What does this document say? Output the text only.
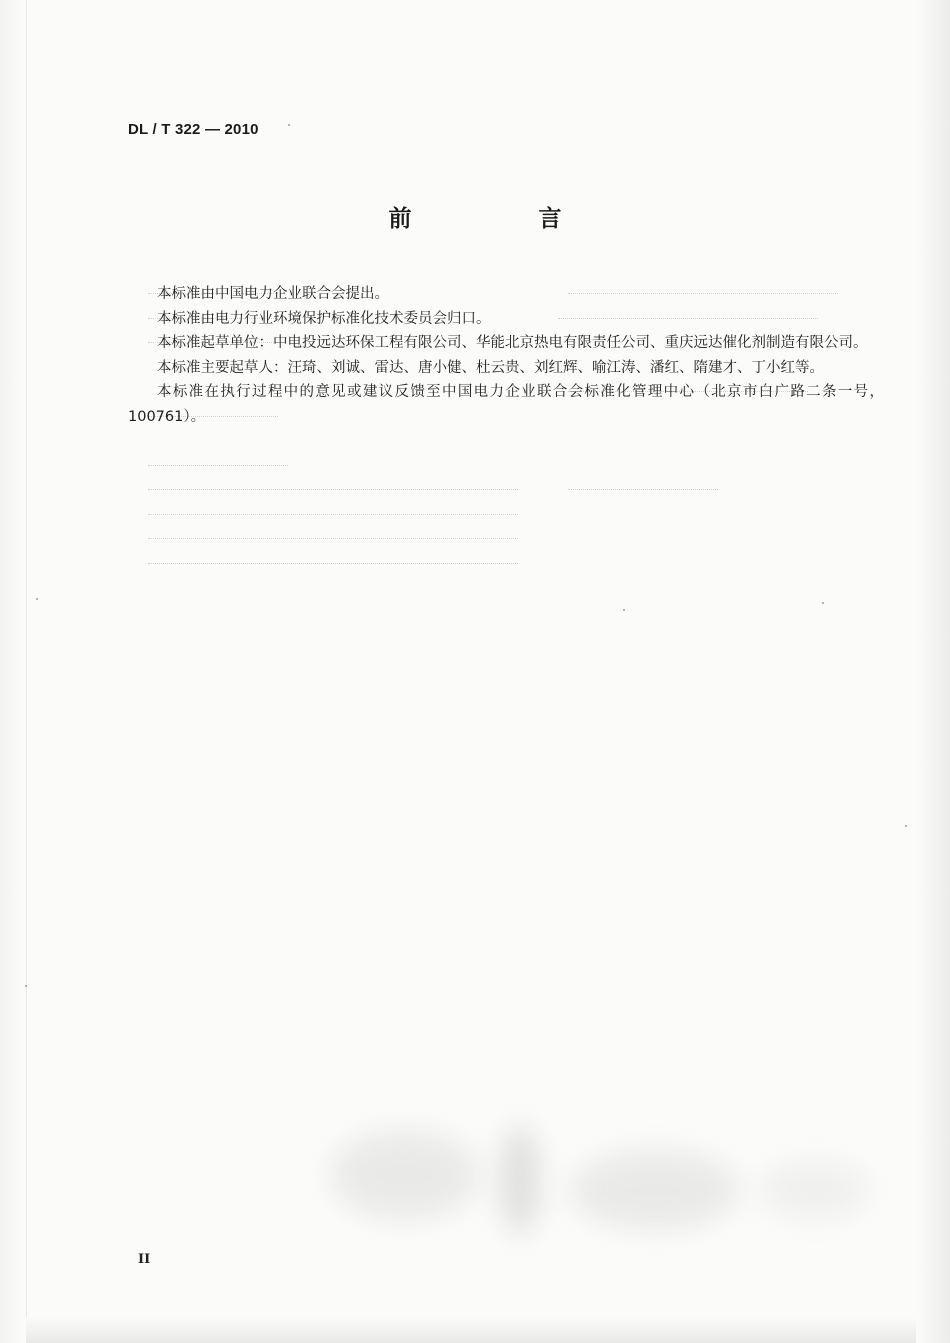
DL / T 322 — 2010
前　言

本标准由中国电力企业联合会提出。

本标准由电力行业环境保护标准化技术委员会归口。

本标准起草单位：中电投远达环保工程有限公司、华能北京热电有限责任公司、重庆远达催化剂制造有限公司。

本标准主要起草人：汪琦、刘诚、雷达、唐小健、杜云贵、刘红辉、喻江涛、潘红、隋建才、丁小红等。

本标准在执行过程中的意见或建议反馈至中国电力企业联合会标准化管理中心（北京市白广路二条一号，100761）。

II
